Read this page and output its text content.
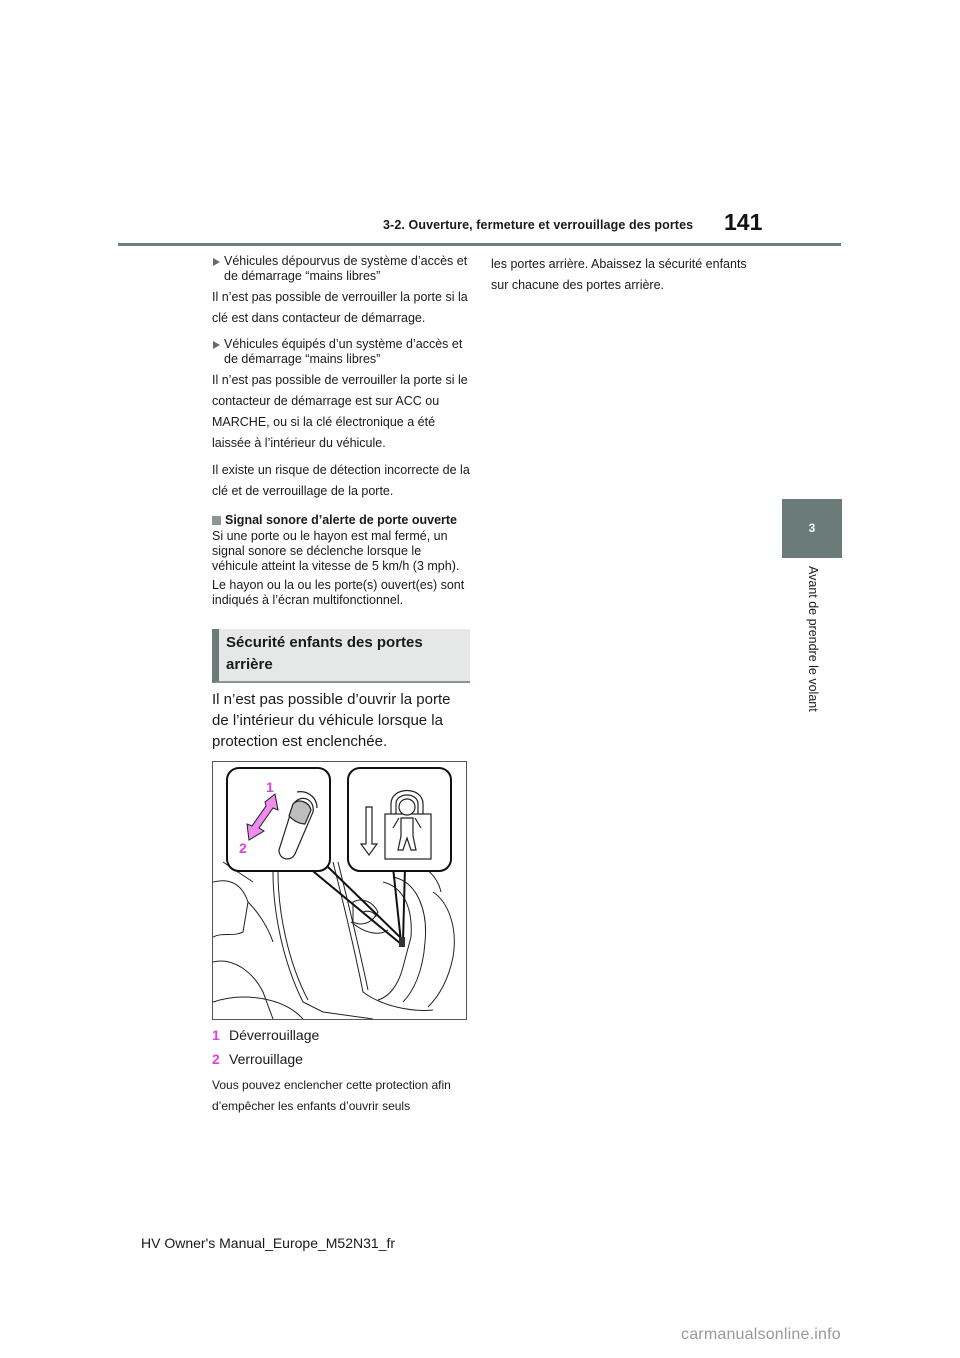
3-2. Ouverture, fermeture et verrouillage des portes 141
3
Avant de prendre le volant
Véhicules dépourvus de système d’accès et de démarrage “mains libres”

Il n’est pas possible de verrouiller la porte si la clé est dans contacteur de démarrage.

Véhicules équipés d’un système d’accès et de démarrage “mains libres”

Il n’est pas possible de verrouiller la porte si le contacteur de démarrage est sur ACC ou MARCHE, ou si la clé électronique a été laissée à l’intérieur du véhicule.

Il existe un risque de détection incorrecte de la clé et de verrouillage de la porte.

Signal sonore d’alerte de porte ouverte

Si une porte ou le hayon est mal fermé, un signal sonore se déclenche lorsque le véhicule atteint la vitesse de 5 km/h (3 mph).

Le hayon ou la ou les porte(s) ouvert(es) sont indiqués à l’écran multifonctionnel.

Sécurité enfants des portes arrière

Il n’est pas possible d’ouvrir la porte de l’intérieur du véhicule lorsque la protection est enclenchée.

1
2
1 Déverrouillage
2 Verrouillage

Vous pouvez enclencher cette protection afin d’empêcher les enfants d’ouvrir seuls

les portes arrière. Abaissez la sécurité enfants sur chacune des portes arrière.

HV Owner's Manual_Europe_M52N31_fr
carmanualsonline.info
